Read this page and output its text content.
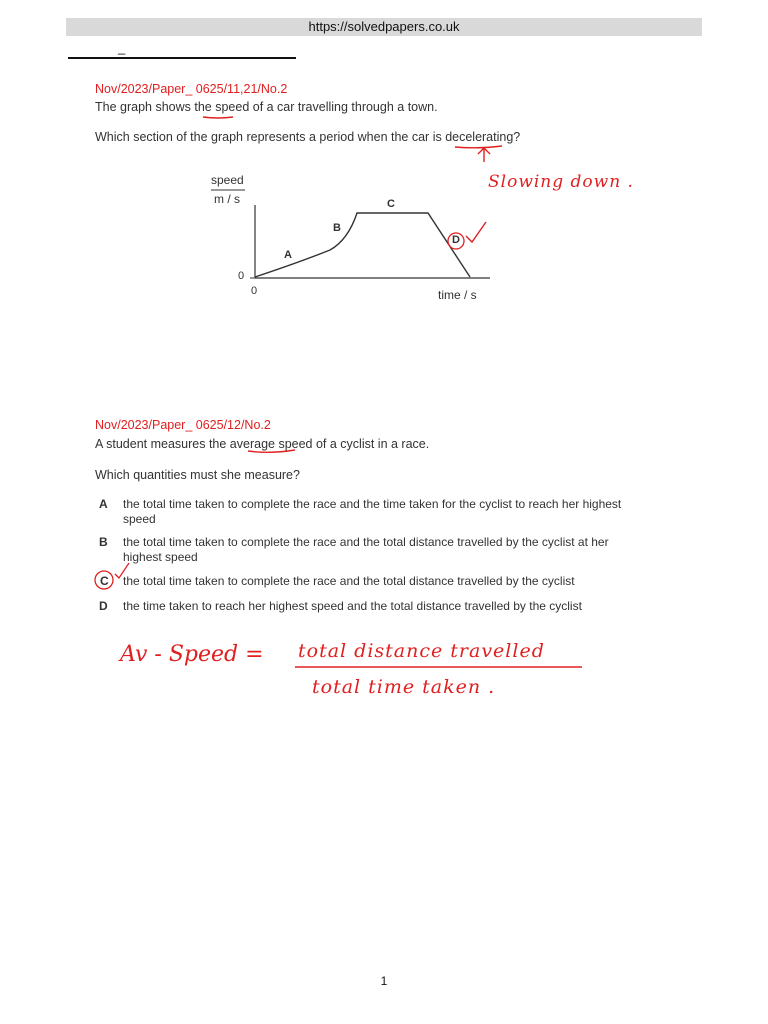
https://solvedpapers.co.uk
_
Nov/2023/Paper_ 0625/11,21/No.2
The graph shows the speed of a car travelling through a town.
Which section of the graph represents a period when the car is decelerating?
speed
m / s
0
0	time / s
A
B
C
D
Slowing down .
Nov/2023/Paper_ 0625/12/No.2
A student measures the average speed of a cyclist in a race.
Which quantities must she measure?
A the total time taken to complete the race and the time taken for the cyclist to reach her highest speed
B the total time taken to complete the race and the total distance travelled by the cyclist at her highest speed
C the total time taken to complete the race and the total distance travelled by the cyclist
D the time taken to reach her highest speed and the total distance travelled by the cyclist
Av - Speed = total distance travelled
total time taken .
1
